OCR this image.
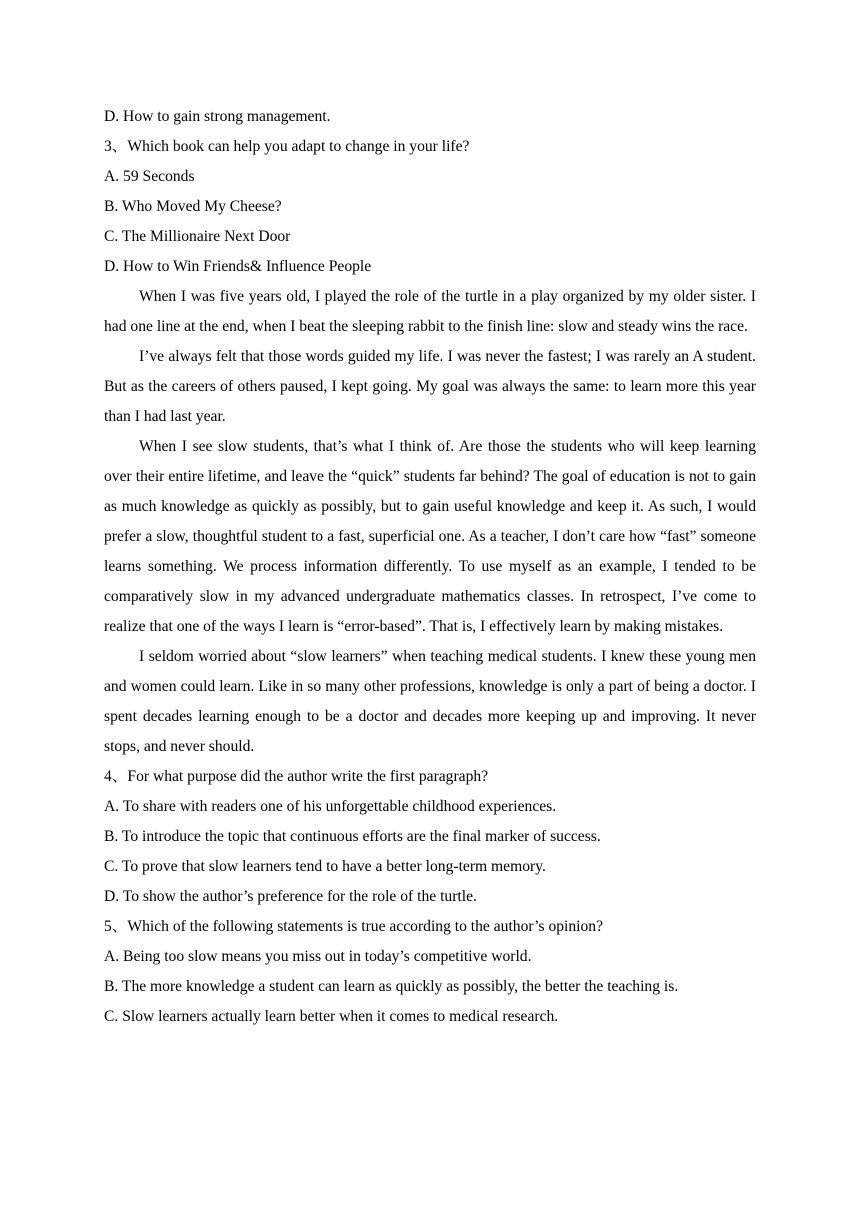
D. How to gain strong management.

3、Which book can help you adapt to change in your life?

A. 59 Seconds

B. Who Moved My Cheese?

C. The Millionaire Next Door

D. How to Win Friends& Influence People

When I was five years old, I played the role of the turtle in a play organized by my older sister. I had one line at the end, when I beat the sleeping rabbit to the finish line: slow and steady wins the race.

I’ve always felt that those words guided my life. I was never the fastest; I was rarely an A student. But as the careers of others paused, I kept going. My goal was always the same: to learn more this year than I had last year.

When I see slow students, that’s what I think of. Are those the students who will keep learning over their entire lifetime, and leave the “quick” students far behind? The goal of education is not to gain as much knowledge as quickly as possibly, but to gain useful knowledge and keep it. As such, I would prefer a slow, thoughtful student to a fast, superficial one. As a teacher, I don’t care how “fast” someone learns something. We process information differently. To use myself as an example, I tended to be comparatively slow in my advanced undergraduate mathematics classes. In retrospect, I’ve come to realize that one of the ways I learn is “error-based”. That is, I effectively learn by making mistakes.

I seldom worried about “slow learners” when teaching medical students. I knew these young men and women could learn. Like in so many other professions, knowledge is only a part of being a doctor. I spent decades learning enough to be a doctor and decades more keeping up and improving. It never stops, and never should.

4、For what purpose did the author write the first paragraph?

A. To share with readers one of his unforgettable childhood experiences.

B. To introduce the topic that continuous efforts are the final marker of success.

C. To prove that slow learners tend to have a better long-term memory.

D. To show the author’s preference for the role of the turtle.

5、Which of the following statements is true according to the author’s opinion?

A. Being too slow means you miss out in today’s competitive world.

B. The more knowledge a student can learn as quickly as possibly, the better the teaching is.

C. Slow learners actually learn better when it comes to medical research.
